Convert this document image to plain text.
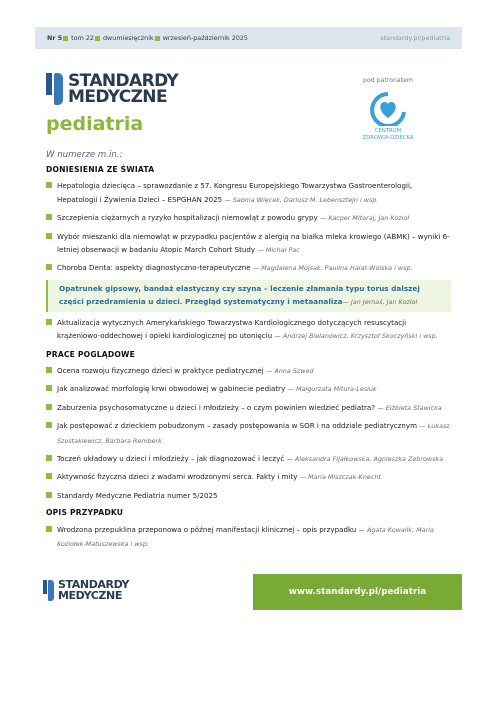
Nr 5 tom 22 dwumiesięcznik wrzesień-październik 2025	standardy.pl/pediatria
STANDARDY
MEDYCZNE
pediatria
pod patronatem
CENTRUM
ZDROWIA DZIECKA
W numerze m.in.:
DONIESIENIA ZE ŚWIATA
Hepatologia dziecięca – sprawozdanie z 57. Kongresu Europejskiego Towarzystwa Gastroenterologii, Hepatologii i Żywienia Dzieci – ESPGHAN 2025 — Sabina Więcek, Dariusz M. Lebensztejn i wsp.
Szczepienia ciężarnych a ryzyko hospitalizacji niemowląt z powodu grypy — Kacper Mitoraj, Jan Kozioł
Wybór mieszanki dla niemowląt w przypadku pacjentów z alergią na białka mleka krowiego (ABMK) – wyniki 6-letniej obserwacji w badaniu Atopic March Cohort Study — Michał Pac
Choroba Denta: aspekty diagnostyczno-terapeutyczne — Magdalena Mojsak, Paulina Halat-Wolska i wsp.
Opatrunek gipsowy, bandaż elastyczny czy szyna – leczenie złamania typu torus dalszej części przedramienia u dzieci. Przegląd systematyczny i metaanaliza— Jan Jernaś, Jan Kozioł
Aktualizacja wytycznych Amerykańskiego Towarzystwa Kardiologicznego dotyczących resuscytacji krążeniowo-oddechowej i opieki kardiologicznej po utonięciu — Andrzej Bielanowicz, Krzysztof Skoczyński i wsp.
PRACE POGLĄDOWE
Ocena rozwoju fizycznego dzieci w praktyce pediatrycznej — Anna Szwed
Jak analizować morfologię krwi obwodowej w gabinecie pediatry — Małgorzata Mitura-Lesiuk
Zaburzenia psychosomatyczne u dzieci i młodzieży – o czym powinien wiedzieć pediatra? — Elżbieta Stawicka
Jak postępować z dzieckiem pobudzonym – zasady postępowania w SOR i na oddziale pediatrycznym — Łukasz Szostakiewicz, Barbara Remberk
Toczeń układowy u dzieci i młodzieży – jak diagnozować i leczyć — Aleksandra Fijałkowska, Agnieszka Zebrowska
Aktywność fizyczna dzieci z wadami wrodzonymi serca. Fakty i mity — Maria Miszczak-Knecht
Standardy Medyczne Pediatria numer 5/2025
OPIS PRZYPADKU
Wrodzona przepuklina przeponowa o późnej manifestacji klinicznej – opis przypadku — Agata Kowalik, Maria Koziołek-Matuszewska i wsp.
STANDARDY
MEDYCZNE	www.standardy.pl/pediatria
